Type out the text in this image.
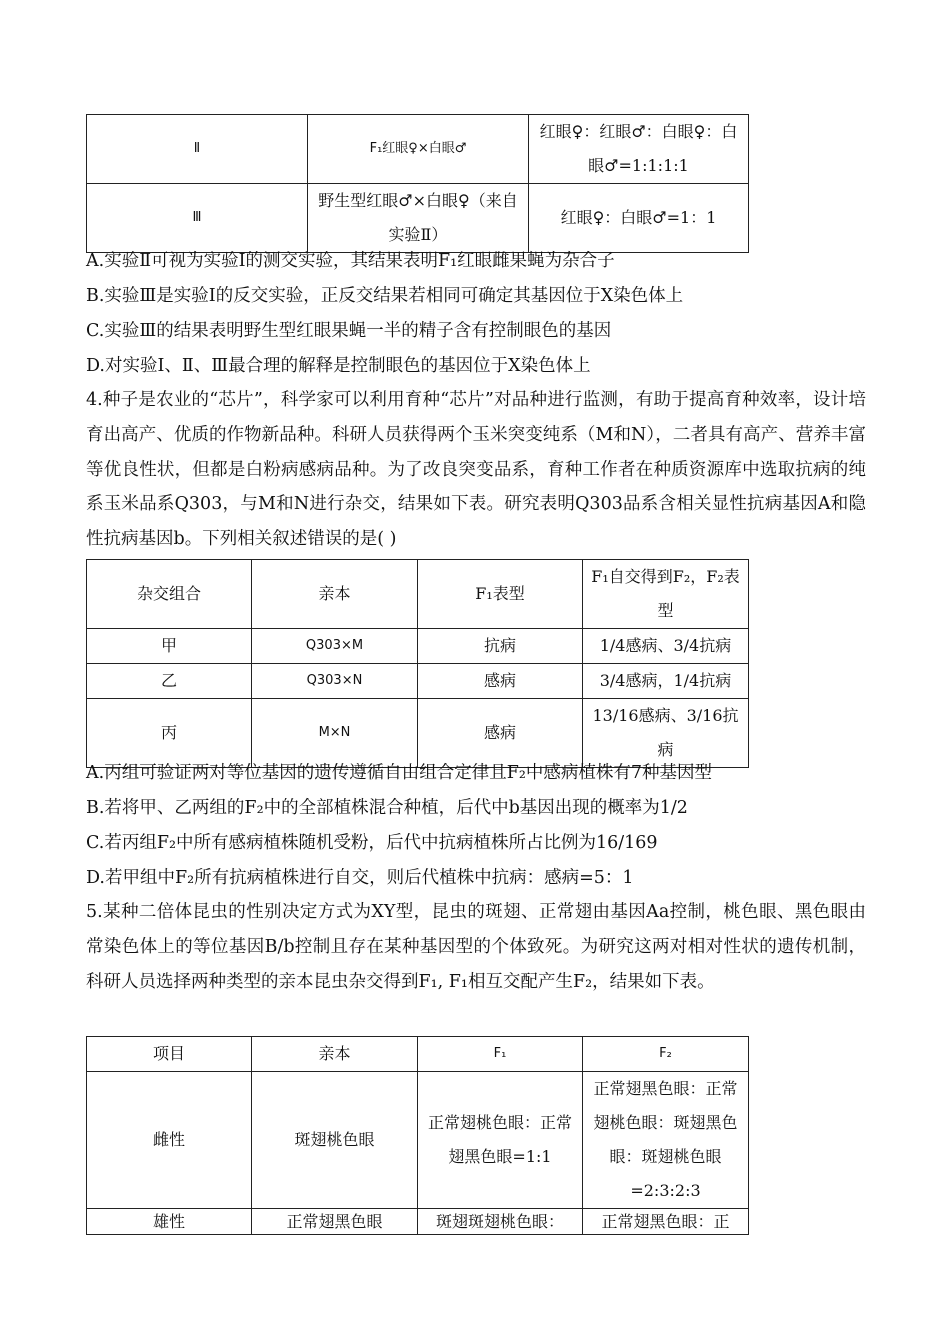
Ⅱ	F₁红眼♀×白眼♂	红眼♀：红眼♂：白眼♀：白眼♂=1:1:1:1
Ⅲ	野生型红眼♂×白眼♀（来自实验Ⅱ）	红眼♀：白眼♂=1：1
A.实验Ⅱ可视为实验Ⅰ的测交实验，其结果表明F₁红眼雌果蝇为杂合子
B.实验Ⅲ是实验Ⅰ的反交实验，正反交结果若相同可确定其基因位于X染色体上
C.实验Ⅲ的结果表明野生型红眼果蝇一半的精子含有控制眼色的基因
D.对实验Ⅰ、Ⅱ、Ⅲ最合理的解释是控制眼色的基因位于X染色体上
4.种子是农业的“芯片”，科学家可以利用育种“芯片”对品种进行监测，有助于提高育种效率，设计培育出高产、优质的作物新品种。科研人员获得两个玉米突变纯系（M和N），二者具有高产、营养丰富等优良性状，但都是白粉病感病品种。为了改良突变品系，育种工作者在种质资源库中选取抗病的纯系玉米品系Q303，与M和N进行杂交，结果如下表。研究表明Q303品系含相关显性抗病基因A和隐性抗病基因b。下列相关叙述错误的是( )
杂交组合	亲本	F₁表型	F₁自交得到F₂，F₂表型
甲	Q303×M	抗病	1/4感病、3/4抗病
乙	Q303×N	感病	3/4感病，1/4抗病
丙	M×N	感病	13/16感病、3/16抗病
A.丙组可验证两对等位基因的遗传遵循自由组合定律且F₂中感病植株有7种基因型
B.若将甲、乙两组的F₂中的全部植株混合种植，后代中b基因出现的概率为1/2
C.若丙组F₂中所有感病植株随机受粉，后代中抗病植株所占比例为16/169
D.若甲组中F₂所有抗病植株进行自交，则后代植株中抗病：感病=5：1
5.某种二倍体昆虫的性别决定方式为XY型，昆虫的斑翅、正常翅由基因Aa控制，桃色眼、黑色眼由常染色体上的等位基因B/b控制且存在某种基因型的个体致死。为研究这两对相对性状的遗传机制，科研人员选择两种类型的亲本昆虫杂交得到F₁, F₁相互交配产生F₂，结果如下表。
项目	亲本	F₁	F₂
雌性	斑翅桃色眼	正常翅桃色眼：正常翅黑色眼=1:1	正常翅黑色眼：正常翅桃色眼：斑翅黑色眼：斑翅桃色眼=2:3:2:3
雄性	正常翅黑色眼	斑翅斑翅桃色眼：	正常翅黑色眼：正
